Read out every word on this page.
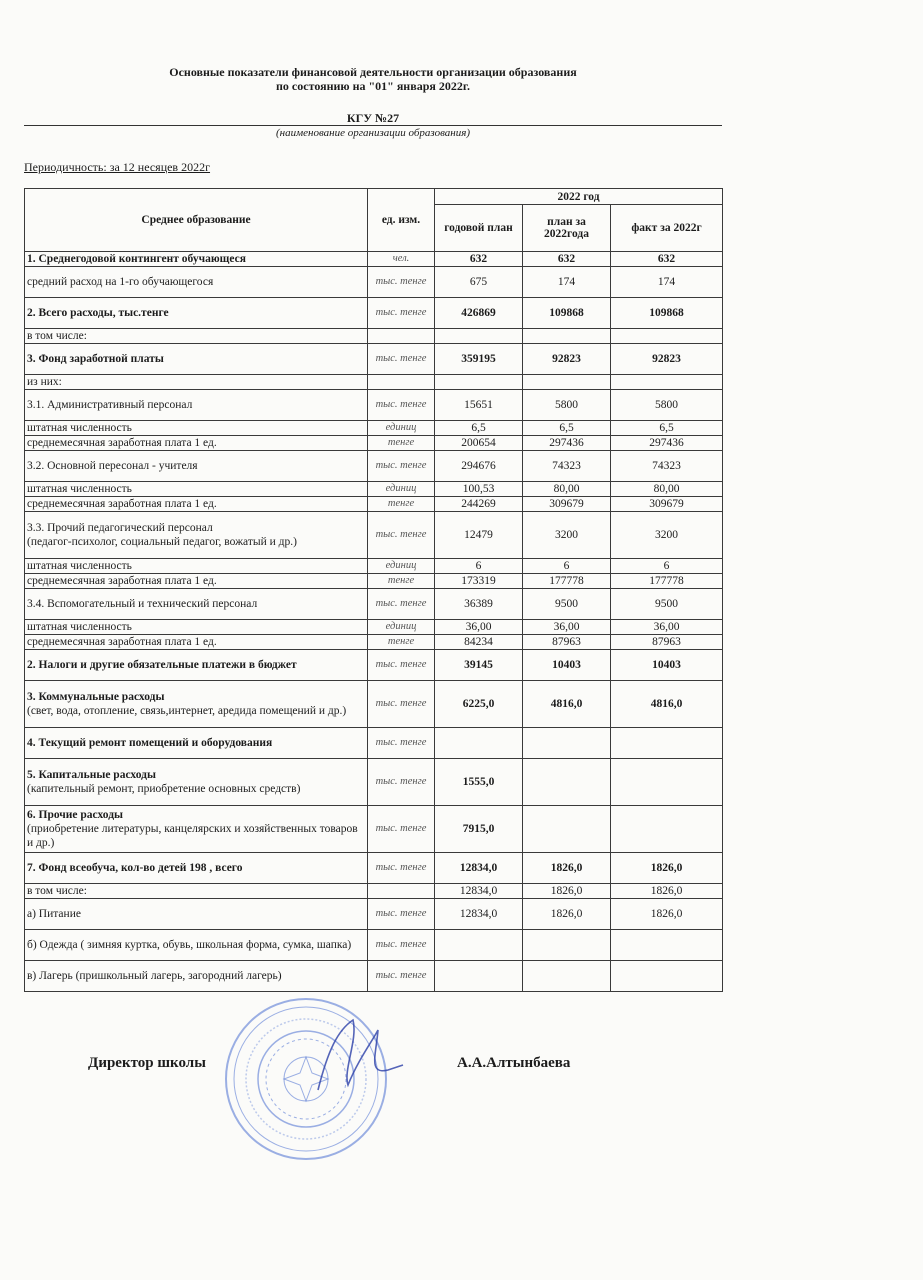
Основные показатели финансовой деятельности организации образования
по состоянию на "01" января 2022г.
КГУ №27
(наименование организации образования)
Периодичность: за 12 несяцев 2022г
Среднее образование	ед. изм.	2022 год		
		годовой план	план за 2022года	факт за 2022г
1. Среднегодовой контингент обучающеся	чел.	632	632	632
средний расход на 1-го обучающегося	тыс. тенге	675	174	174
2. Всего расходы, тыс.тенге	тыс. тенге	426869	109868	109868
в том числе:				
3. Фонд заработной платы	тыс. тенге	359195	92823	92823
из них:				
3.1. Административный персонал	тыс. тенге	15651	5800	5800
штатная численность	единиц	6,5	6,5	6,5
среднемесячная заработная плата 1 ед.	тенге	200654	297436	297436
3.2. Основной пересонал - учителя	тыс. тенге	294676	74323	74323
штатная численность	единиц	100,53	80,00	80,00
среднемесячная заработная плата 1 ед.	тенге	244269	309679	309679
3.3. Прочий педагогический персонал
(педагог-психолог, социальный педагог, вожатый и др.)	тыс. тенге	12479	3200	3200
штатная численность	единиц	6	6	6
среднемесячная заработная плата 1 ед.	тенге	173319	177778	177778
3.4. Вспомогательный и технический персонал	тыс. тенге	36389	9500	9500
штатная численность	единиц	36,00	36,00	36,00
среднемесячная заработная плата 1 ед.	тенге	84234	87963	87963
2. Налоги и другие обязательные платежи в бюджет	тыс. тенге	39145	10403	10403
3. Коммунальные расходы
(свет, вода, отопление, связь,интернет, аредида помещений и др.)	тыс. тенге	6225,0	4816,0	4816,0
4. Текущий ремонт помещений и оборудования	тыс. тенге			
5. Капитальные расходы
(капительный ремонт, приобретение основных средств)	тыс. тенге	1555,0		
6. Прочие расходы
(приобретение литературы, канцелярских и хозяйственных товаров и др.)	тыс. тенге	7915,0		
7. Фонд всеобуча, кол-во детей 198 , всего	тыс. тенге	12834,0	1826,0	1826,0
в том числе:		12834,0	1826,0	1826,0
а) Питание	тыс. тенге	12834,0	1826,0	1826,0
б) Одежда ( зимняя куртка, обувь, школьная форма, сумка, шапка)	тыс. тенге			
в) Лагерь (пришкольный лагерь, загородний лагерь)	тыс. тенге			
Директор школы	А.А.Алтынбаева
